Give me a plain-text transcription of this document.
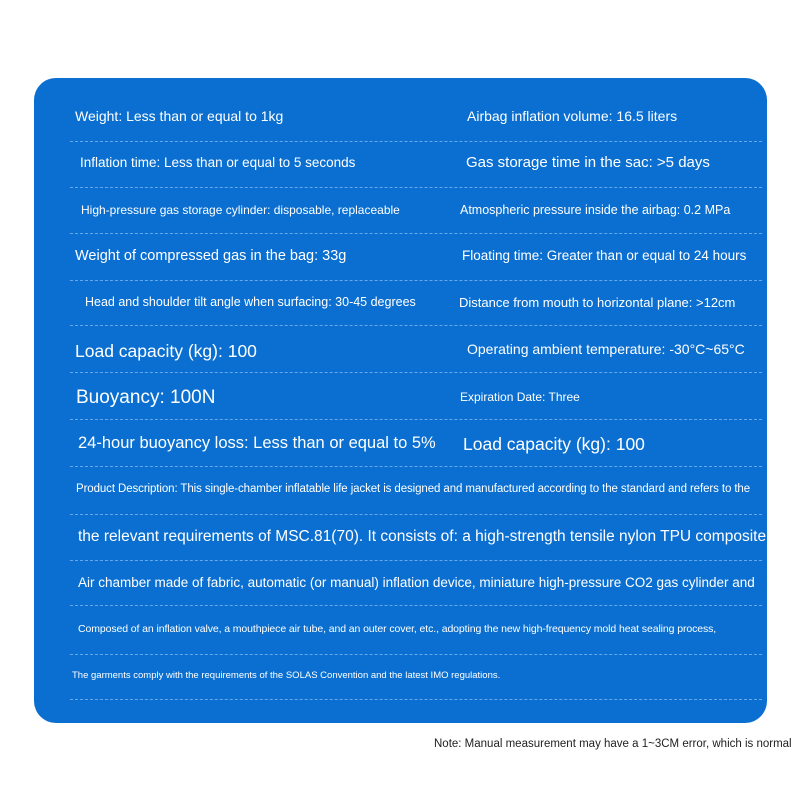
Weight: Less than or equal to 1kg	Airbag inflation volume: 16.5 liters
Inflation time: Less than or equal to 5 seconds	Gas storage time in the sac: >5 days
High-pressure gas storage cylinder: disposable, replaceable	Atmospheric pressure inside the airbag: 0.2 MPa
Weight of compressed gas in the bag: 33g	Floating time: Greater than or equal to 24 hours
Head and shoulder tilt angle when surfacing: 30-45 degrees	Distance from mouth to horizontal plane: >12cm
Load capacity (kg): 100	Operating ambient temperature: -30°C~65°C
Buoyancy: 100N	Expiration Date: Three
24-hour buoyancy loss: Less than or equal to 5% Load capacity (kg): 100
Product Description: This single-chamber inflatable life jacket is designed and manufactured according to the standard and refers to the
the relevant requirements of MSC.81(70). It consists of: a high-strength tensile nylon TPU composite
Air chamber made of fabric, automatic (or manual) inflation device, miniature high-pressure CO2 gas cylinder and
Composed of an inflation valve, a mouthpiece air tube, and an outer cover, etc., adopting the new high-frequency mold heat sealing process,
The garments comply with the requirements of the SOLAS Convention and the latest IMO regulations.
Note: Manual measurement may have a 1~3CM error, which is normal
